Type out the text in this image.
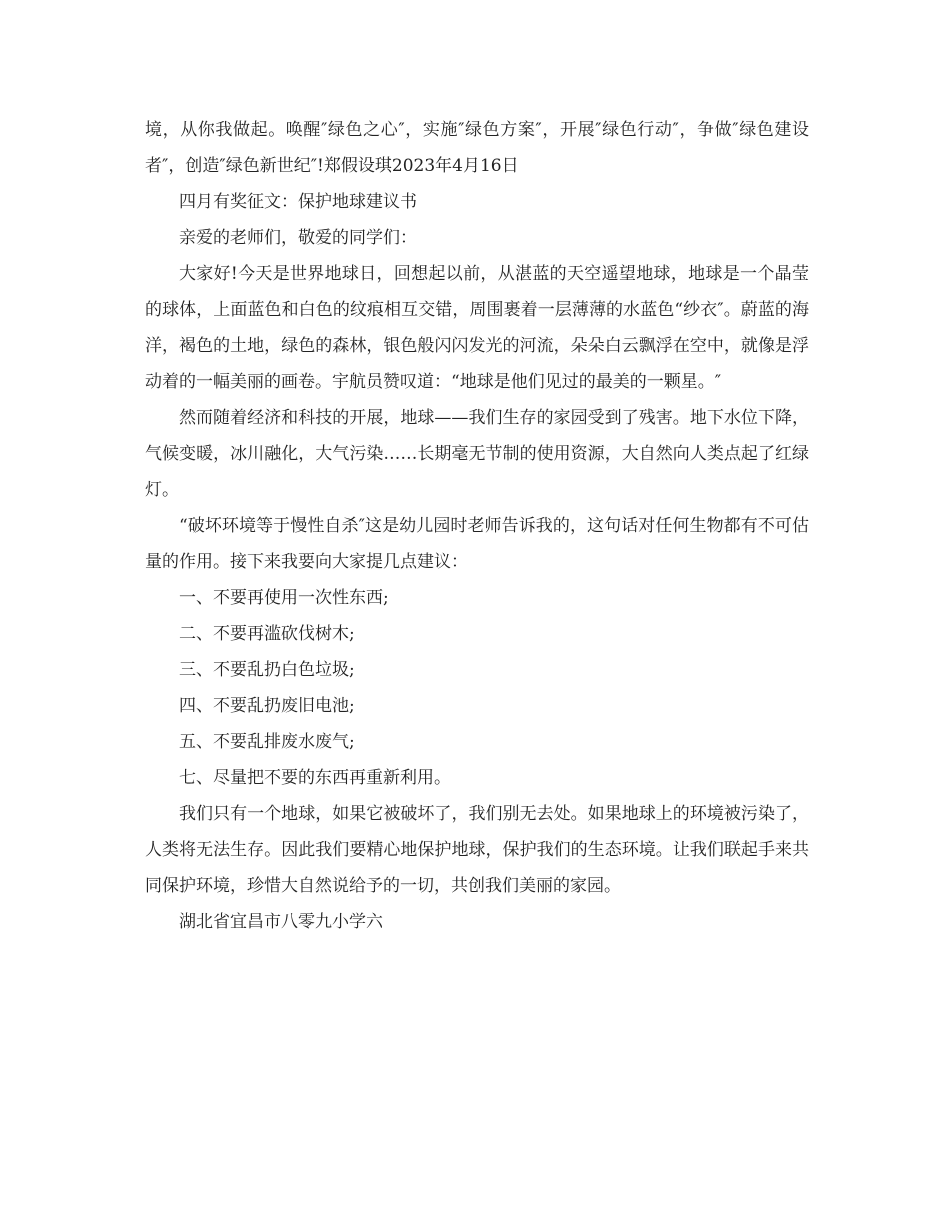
境，从你我做起。唤醒″绿色之心″，实施″绿色方案″，开展″绿色行动″，争做″绿色建设者″，创造″绿色新世纪″!郑假设琪2023年4月16日

四月有奖征文：保护地球建议书

亲爱的老师们，敬爱的同学们：

大家好!今天是世界地球日，回想起以前，从湛蓝的天空遥望地球，地球是一个晶莹的球体，上面蓝色和白色的纹痕相互交错，周围裹着一层薄薄的水蓝色“纱衣″。蔚蓝的海洋，褐色的土地，绿色的森林，银色般闪闪发光的河流，朵朵白云飘浮在空中，就像是浮动着的一幅美丽的画卷。宇航员赞叹道：“地球是他们见过的最美的一颗星。″

然而随着经济和科技的开展，地球——我们生存的家园受到了残害。地下水位下降，气候变暖，冰川融化，大气污染……长期毫无节制的使用资源，大自然向人类点起了红绿灯。

“破坏环境等于慢性自杀″这是幼儿园时老师告诉我的，这句话对任何生物都有不可估量的作用。接下来我要向大家提几点建议：

一、不要再使用一次性东西;

二、不要再滥砍伐树木;

三、不要乱扔白色垃圾;

四、不要乱扔废旧电池;

五、不要乱排废水废气;

七、尽量把不要的东西再重新利用。

我们只有一个地球，如果它被破坏了，我们别无去处。如果地球上的环境被污染了，人类将无法生存。因此我们要精心地保护地球，保护我们的生态环境。让我们联起手来共同保护环境，珍惜大自然说给予的一切，共创我们美丽的家园。

湖北省宜昌市八零九小学六
